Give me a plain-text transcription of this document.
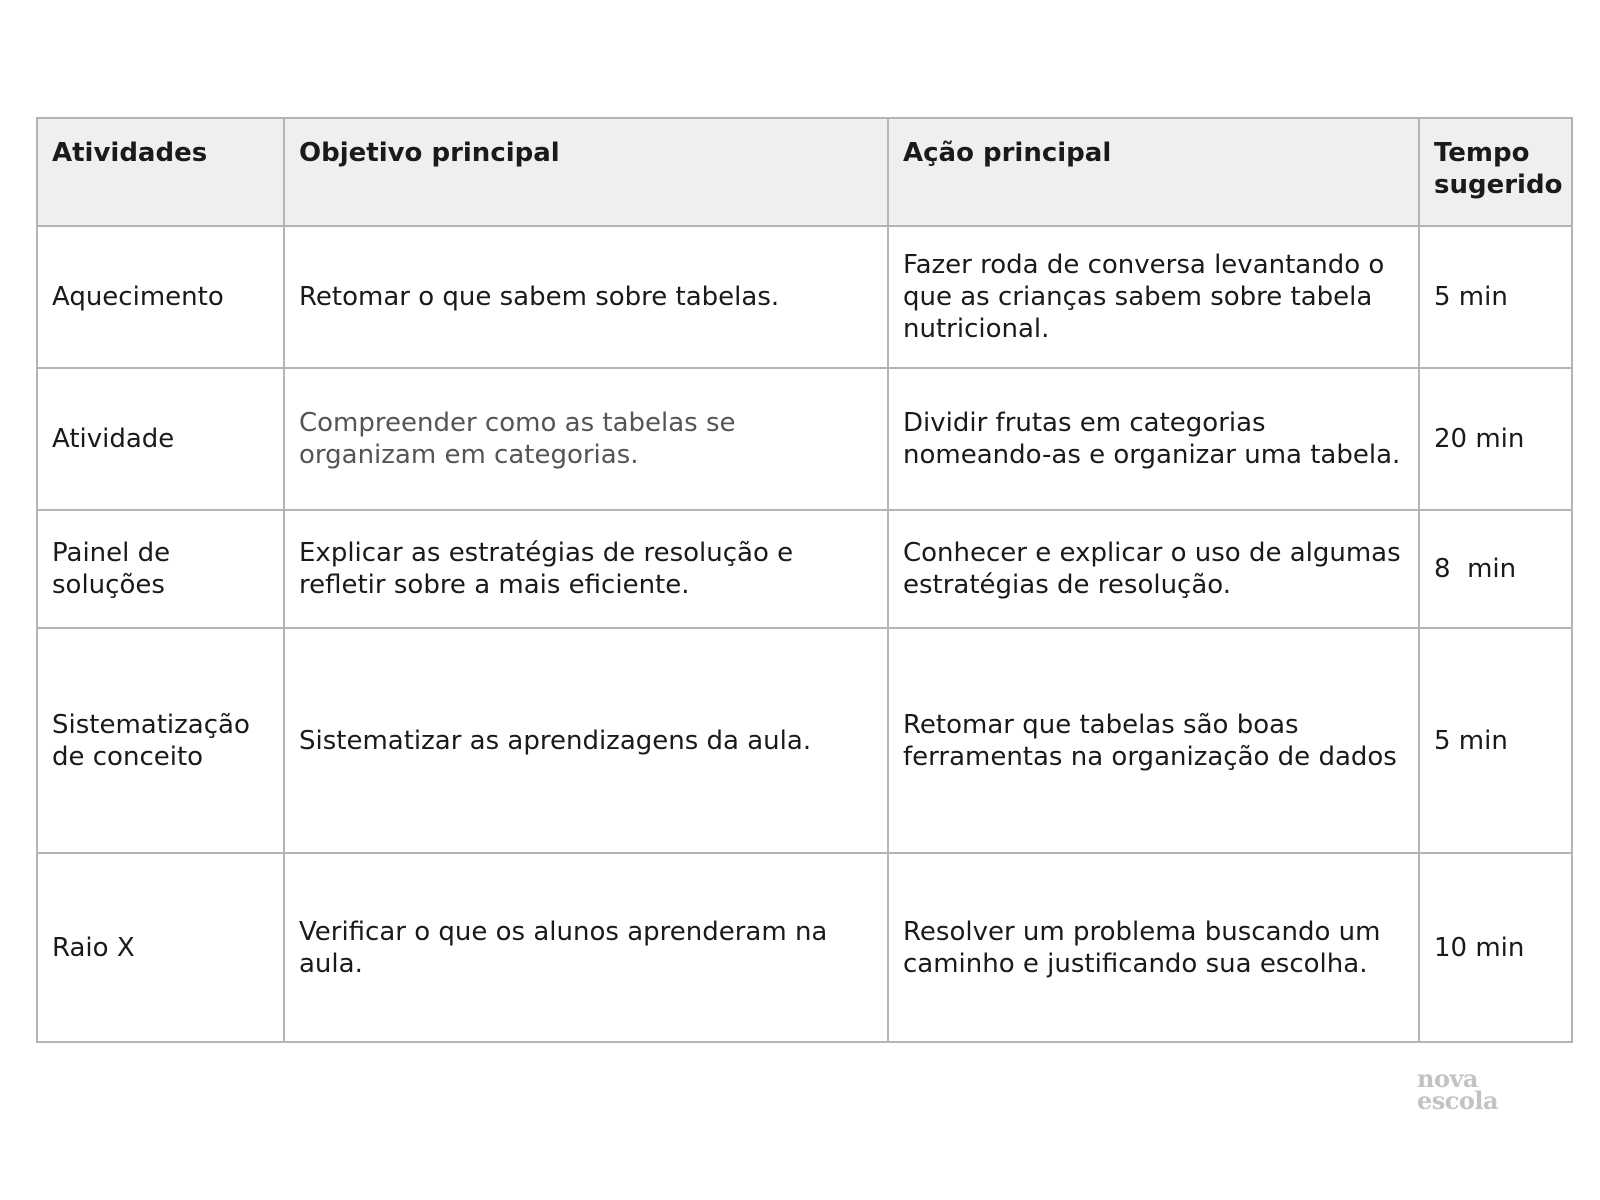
Atividades	Objetivo principal	Ação principal	Tempo
sugerido

Aquecimento	Retomar o que sabem sobre tabelas.	Fazer roda de conversa levantando o que as crianças sabem sobre tabela nutricional.	5 min

Atividade	Compreender como as tabelas se organizam em categorias.	Dividir frutas em categorias nomeando-as e organizar uma tabela.	20 min

Painel de soluções	Explicar as estratégias de resolução e refletir sobre a mais eficiente.	Conhecer e explicar o uso de algumas estratégias de resolução.	8  min

Sistematização de conceito	Sistematizar as aprendizagens da aula.	Retomar que tabelas são boas ferramentas na organização de dados	5 min

Raio X	Verificar o que os alunos aprenderam na aula.	Resolver um problema buscando um caminho e justificando sua escolha.	10 min
nova
escola
